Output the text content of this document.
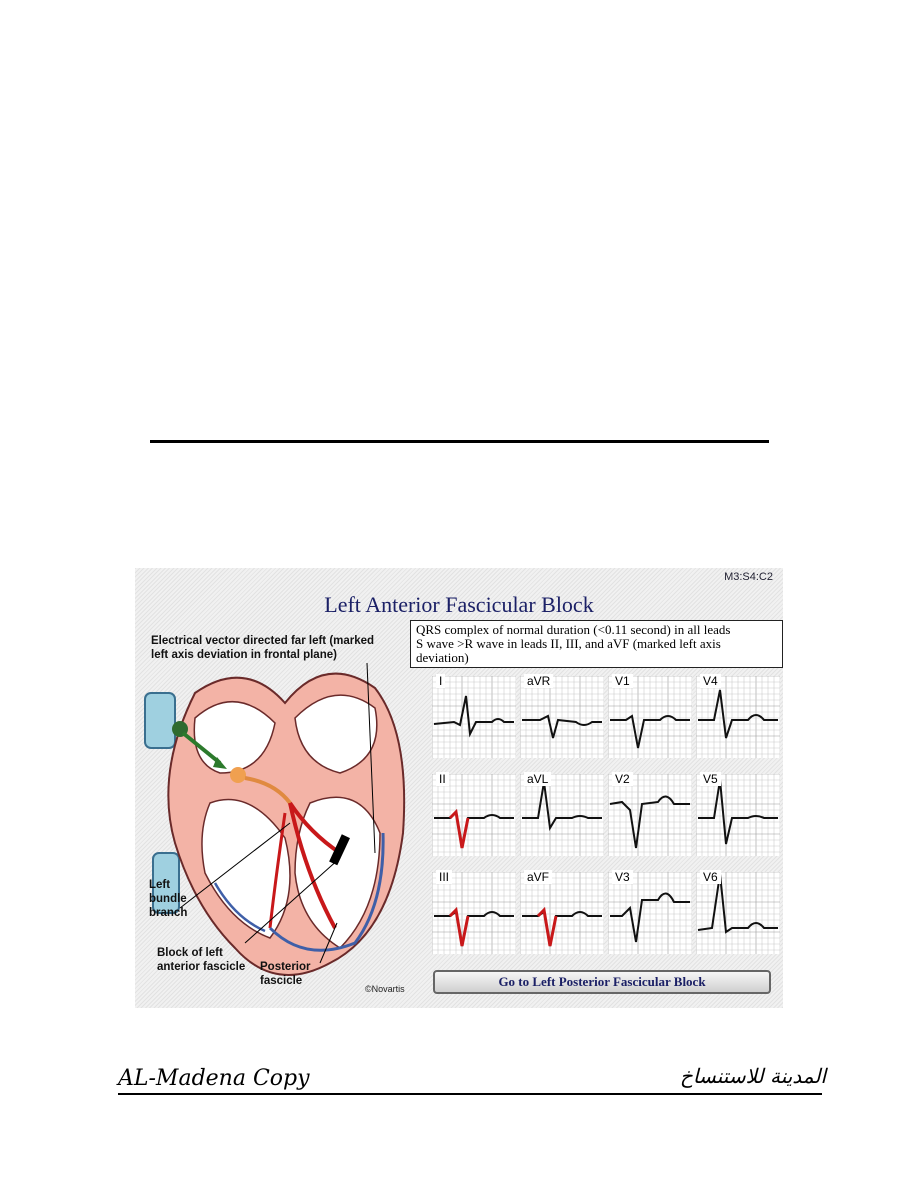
M3:S4:C2
Left Anterior Fascicular Block
Electrical vector directed far left (marked
left axis deviation in frontal plane)
Left
bundle
branch
Block of left
anterior fascicle Posterior
fascicle
©Novartis
QRS complex of normal duration (<0.11 second) in all leads
S wave >R wave in leads II, III, and aVF (marked left axis
deviation)
I	aVR	V1	V4
II	aVL	V2	V5
III	aVF	V3	V6
Go to Left Posterior Fascicular Block
AL-Madena Copy	المدينة للاستنساخ
